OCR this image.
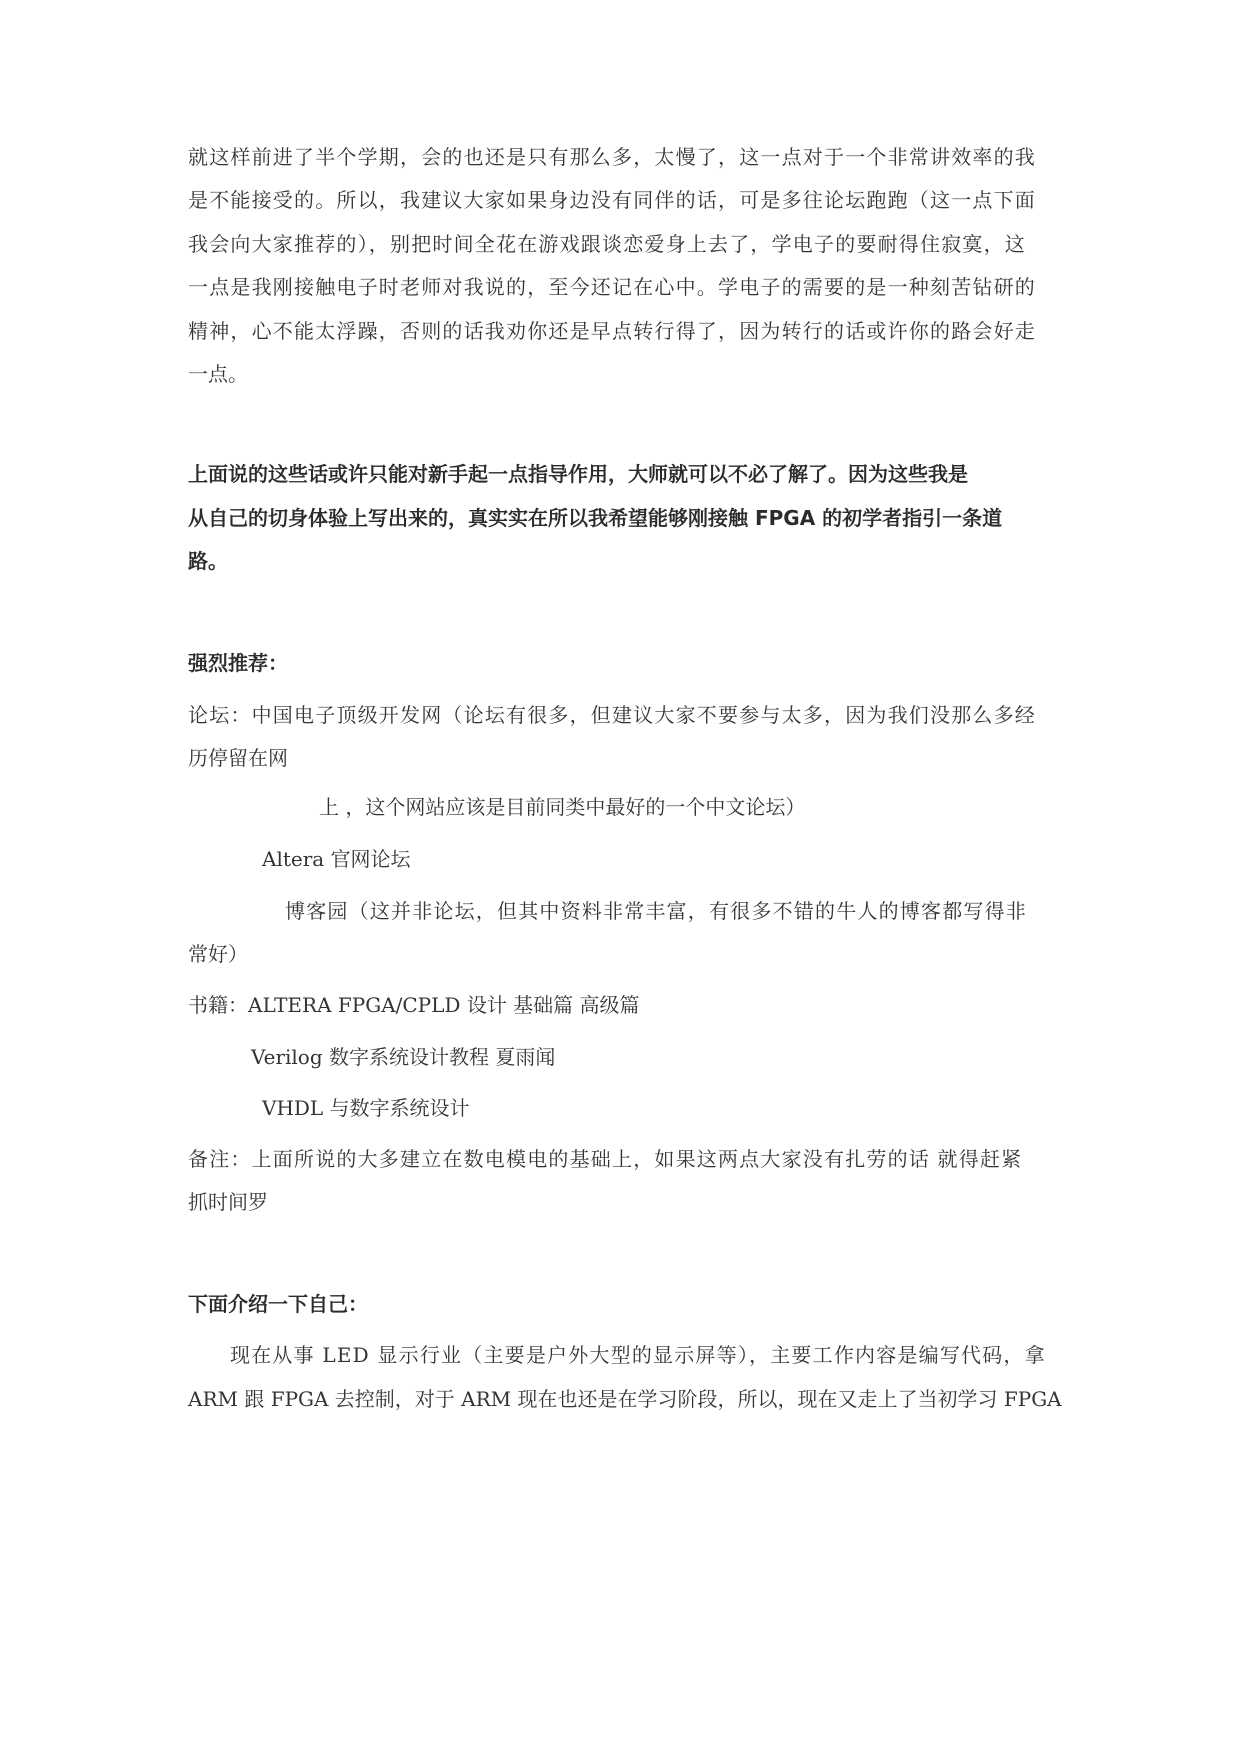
就这样前进了半个学期，会的也还是只有那么多，太慢了，这一点对于一个非常讲效率的我
是不能接受的。所以，我建议大家如果身边没有同伴的话，可是多往论坛跑跑（这一点下面
我会向大家推荐的），别把时间全花在游戏跟谈恋爱身上去了，学电子的要耐得住寂寞，这
一点是我刚接触电子时老师对我说的，至今还记在心中。学电子的需要的是一种刻苦钻研的
精神，心不能太浮躁，否则的话我劝你还是早点转行得了，因为转行的话或许你的路会好走
一点。
上面说的这些话或许只能对新手起一点指导作用，大师就可以不必了解了。因为这些我是
从自己的切身体验上写出来的，真实实在所以我希望能够刚接触 FPGA 的初学者指引一条道
路。
强烈推荐：
论坛：中国电子顶级开发网（论坛有很多，但建议大家不要参与太多，因为我们没那么多经
历停留在网
上 ，这个网站应该是目前同类中最好的一个中文论坛）
Altera 官网论坛
博客园（这并非论坛，但其中资料非常丰富，有很多不错的牛人的博客都写得非
常好）
书籍：ALTERA FPGA/CPLD 设计 基础篇 高级篇
Verilog 数字系统设计教程 夏雨闻
VHDL 与数字系统设计
备注：上面所说的大多建立在数电模电的基础上，如果这两点大家没有扎劳的话 就得赶紧
抓时间罗
下面介绍一下自己：
现在从事 LED 显示行业（主要是户外大型的显示屏等），主要工作内容是编写代码，拿
ARM 跟 FPGA 去控制，对于 ARM 现在也还是在学习阶段，所以，现在又走上了当初学习 FPGA
